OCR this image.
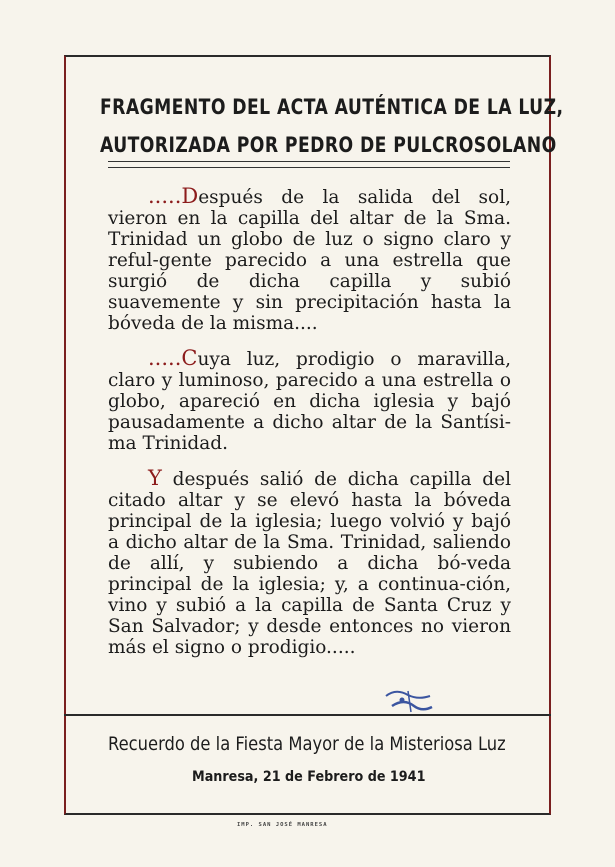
FRAGMENTO DEL ACTA AUTÉNTICA DE LA LUZ,
AUTORIZADA POR PEDRO DE PULCROSOLANO

.....Después de la salida del sol, vieron en la capilla del altar de la Sma. Trinidad un globo de luz o signo claro y reful-gente parecido a una estrella que surgió de dicha capilla y subió suavemente y sin precipitación hasta la bóveda de la misma....

.....Cuya luz, prodigio o maravilla, claro y luminoso, parecido a una estrella o globo, apareció en dicha iglesia y bajó pausadamente a dicho altar de la Santísi-ma Trinidad.

Y después salió de dicha capilla del citado altar y se elevó hasta la bóveda principal de la iglesia; luego volvió y bajó a dicho altar de la Sma. Trinidad, saliendo de allí, y subiendo a dicha bó-veda principal de la iglesia; y, a continua-ción, vino y subió a la capilla de Santa Cruz y San Salvador; y desde entonces no vieron más el signo o prodigio.....

Recuerdo de la Fiesta Mayor de la Misteriosa Luz
Manresa, 21 de Febrero de 1941
IMP. SAN JOSÉ MANRESA
